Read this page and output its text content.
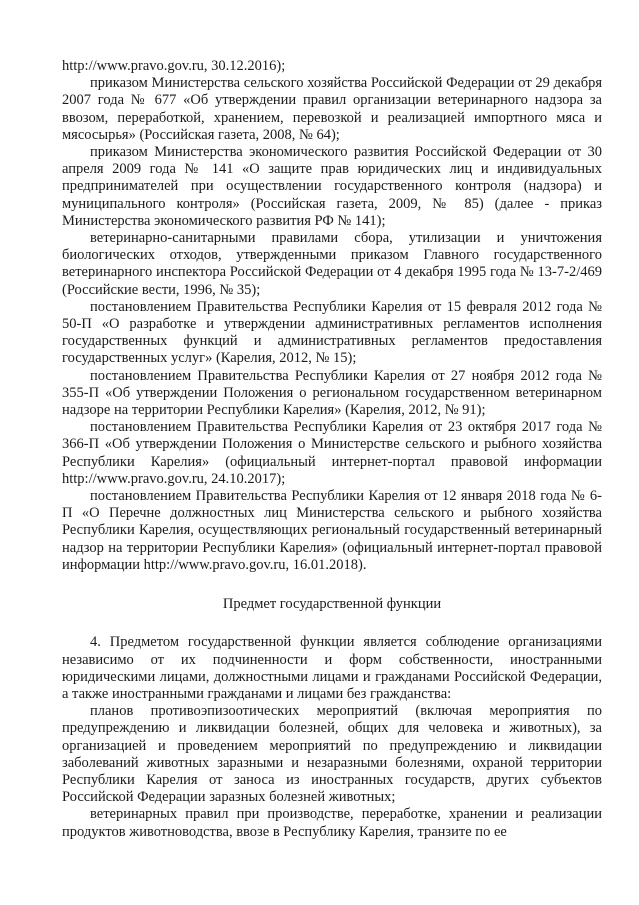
http://www.pravo.gov.ru, 30.12.2016);

приказом Министерства сельского хозяйства Российской Федерации от 29 декабря 2007 года № 677 «Об утверждении правил организации ветеринарного надзора за ввозом, переработкой, хранением, перевозкой и реализацией импортного мяса и мясосырья» (Российская газета, 2008, № 64);

приказом Министерства экономического развития Российской Федерации от 30 апреля 2009 года № 141 «О защите прав юридических лиц и индивидуальных предпринимателей при осуществлении государственного контроля (надзора) и муниципального контроля» (Российская газета, 2009, № 85) (далее - приказ Министерства экономического развития РФ № 141);

ветеринарно-санитарными правилами сбора, утилизации и уничтожения биологических отходов, утвержденными приказом Главного государственного ветеринарного инспектора Российской Федерации от 4 декабря 1995 года № 13-7-2/469 (Российские вести, 1996, № 35);

постановлением Правительства Республики Карелия от 15 февраля 2012 года № 50-П «О разработке и утверждении административных регламентов исполнения государственных функций и административных регламентов предоставления государственных услуг» (Карелия, 2012, № 15);

постановлением Правительства Республики Карелия от 27 ноября 2012 года № 355-П «Об утверждении Положения о региональном государственном ветеринарном надзоре на территории Республики Карелия» (Карелия, 2012, № 91);

постановлением Правительства Республики Карелия от 23 октября 2017 года № 366-П «Об утверждении Положения о Министерстве сельского и рыбного хозяйства Республики Карелия» (официальный интернет-портал правовой информации http://www.pravo.gov.ru, 24.10.2017);

постановлением Правительства Республики Карелия от 12 января 2018 года № 6-П «О Перечне должностных лиц Министерства сельского и рыбного хозяйства Республики Карелия, осуществляющих региональный государственный ветеринарный надзор на территории Республики Карелия» (официальный интернет-портал правовой информации http://www.pravo.gov.ru, 16.01.2018).

Предмет государственной функции

4. Предметом государственной функции является соблюдение организациями независимо от их подчиненности и форм собственности, иностранными юридическими лицами, должностными лицами и гражданами Российской Федерации, а также иностранными гражданами и лицами без гражданства:

планов противоэпизоотических мероприятий (включая мероприятия по предупреждению и ликвидации болезней, общих для человека и животных), за организацией и проведением мероприятий по предупреждению и ликвидации заболеваний животных заразными и незаразными болезнями, охраной территории Республики Карелия от заноса из иностранных государств, других субъектов Российской Федерации заразных болезней животных;

ветеринарных правил при производстве, переработке, хранении и реализации продуктов животноводства, ввозе в Республику Карелия, транзите по ее
